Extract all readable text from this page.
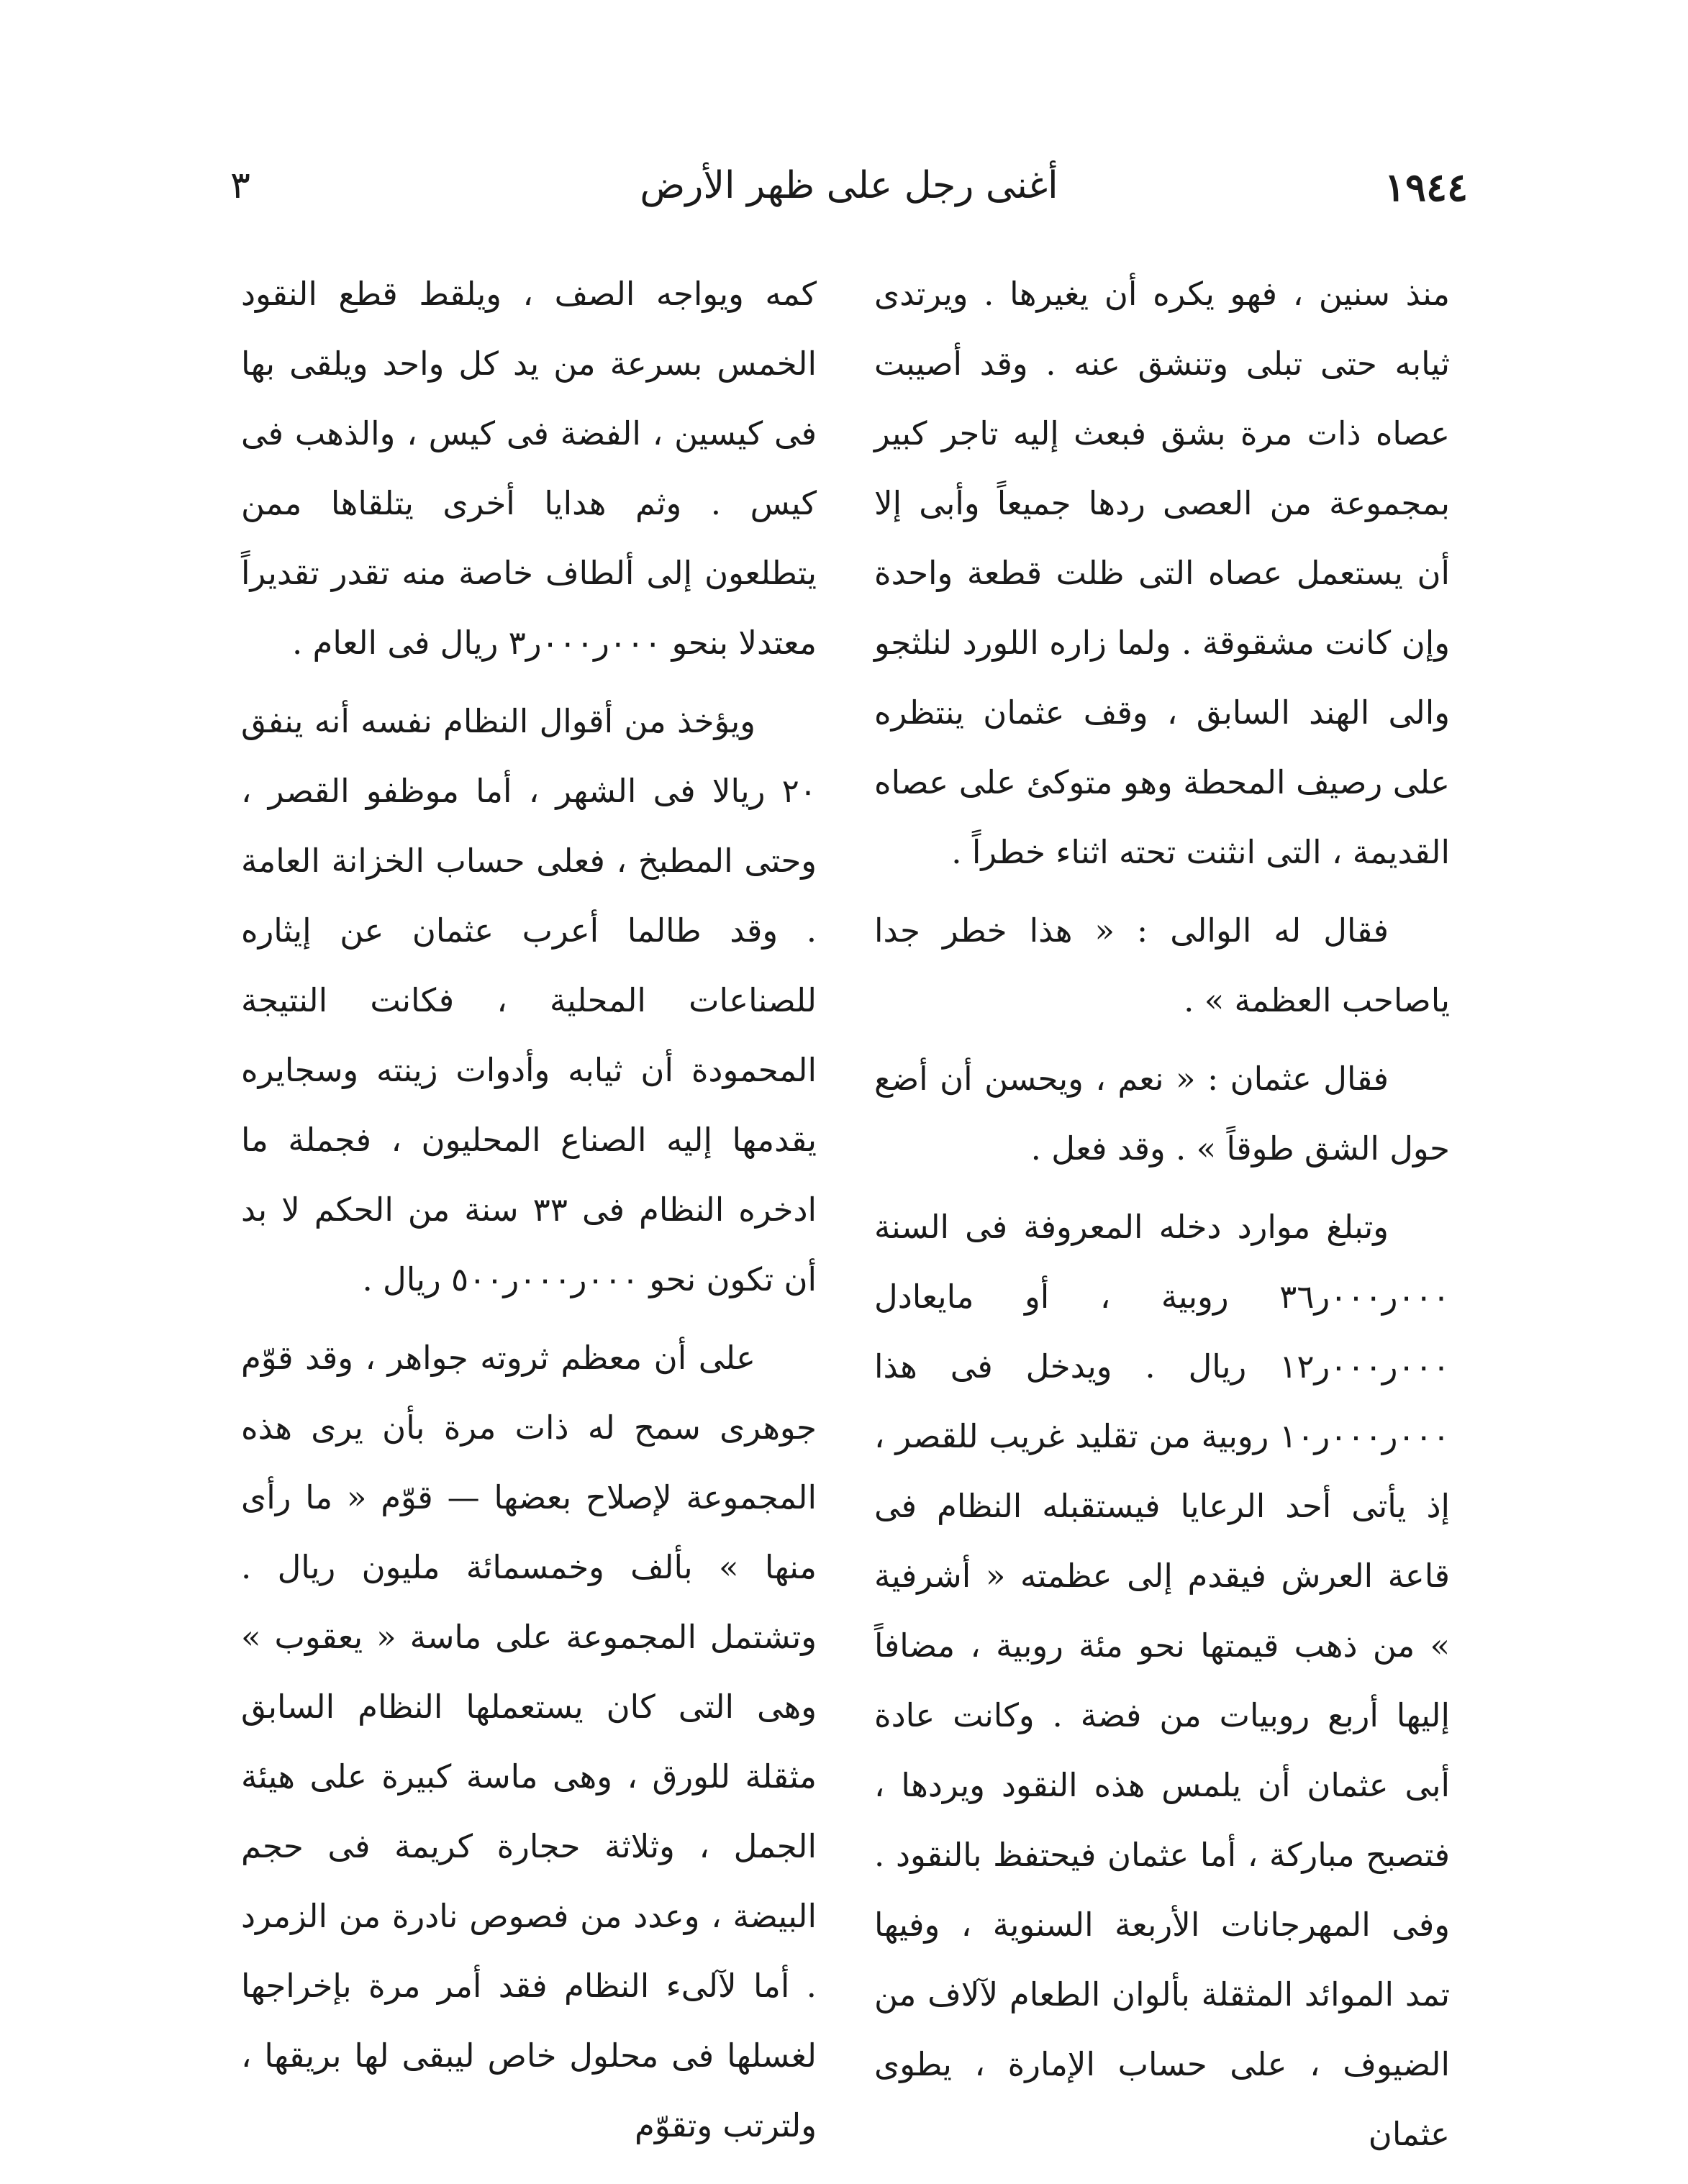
١٩٤٤
أغنى رجل على ظهر الأرض
٣

منذ سنين ، فهو يكره أن يغيرها . ويرتدى ثيابه حتى تبلى وتنشق عنه . وقد أصيبت عصاه ذات مرة بشق فبعث إليه تاجر كبير بمجموعة من العصى ردها جميعاً وأبى إلا أن يستعمل عصاه التى ظلت قطعة واحدة وإن كانت مشقوقة . ولما زاره اللورد لنلثجو والى الهند السابق ، وقف عثمان ينتظره على رصيف المحطة وهو متوكئ على عصاه القديمة ، التى انثنت تحته اثناء خطراً .

فقال له الوالى : « هذا خطر جدا ياصاحب العظمة » .

فقال عثمان : « نعم ، ويحسن أن أضع حول الشق طوقاً » . وقد فعل .

وتبلغ موارد دخله المعروفة فى السنة ٠٠٠ر٠٠٠ر٣٦ روبية ، أو مايعادل ٠٠٠ر٠٠٠ر١٢ ريال . ويدخل فى هذا ٠٠٠ر٠٠٠ر١٠ روبية من تقليد غريب للقصر ، إذ يأتى أحد الرعايا فيستقبله النظام فى قاعة العرش فيقدم إلى عظمته « أشرفية » من ذهب قيمتها نحو مئة روبية ، مضافاً إليها أربع روبيات من فضة . وكانت عادة أبى عثمان أن يلمس هذه النقود ويردها ، فتصبح مباركة ، أما عثمان فيحتفظ بالنقود . وفى المهرجانات الأربعة السنوية ، وفيها تمد الموائد المثقلة بألوان الطعام لآلاف من الضيوف ، على حساب الإمارة ، يطوى عثمان

كمه ويواجه الصف ، ويلقط قطع النقود الخمس بسرعة من يد كل واحد ويلقى بها فى كيسين ، الفضة فى كيس ، والذهب فى كيس . وثم هدايا أخرى يتلقاها ممن يتطلعون إلى ألطاف خاصة منه تقدر تقديراً معتدلا بنحو ٠٠٠ر٠٠٠ر٣ ريال فى العام .

ويؤخذ من أقوال النظام نفسه أنه ينفق ٢٠ ريالا فى الشهر ، أما موظفو القصر ، وحتى المطبخ ، فعلى حساب الخزانة العامة . وقد طالما أعرب عثمان عن إيثاره للصناعات المحلية ، فكانت النتيجة المحمودة أن ثيابه وأدوات زينته وسجايره يقدمها إليه الصناع المحليون ، فجملة ما ادخره النظام فى ٣٣ سنة من الحكم لا بد أن تكون نحو ٠٠٠ر٠٠٠ر٥٠٠ ريال .

على أن معظم ثروته جواهر ، وقد قوّم جوهرى سمح له ذات مرة بأن يرى هذه المجموعة لإصلاح بعضها — قوّم « ما رأى منها » بألف وخمسمائة مليون ريال . وتشتمل المجموعة على ماسة « يعقوب » وهى التى كان يستعملها النظام السابق مثقلة للورق ، وهى ماسة كبيرة على هيئة الجمل ، وثلاثة حجارة كريمة فى حجم البيضة ، وعدد من فصوص نادرة من الزمرد . أما لآلىء النظام فقد أمر مرة بإخراجها لغسلها فى محلول خاص ليبقى لها بريقها ، ولترتب وتقوّم
